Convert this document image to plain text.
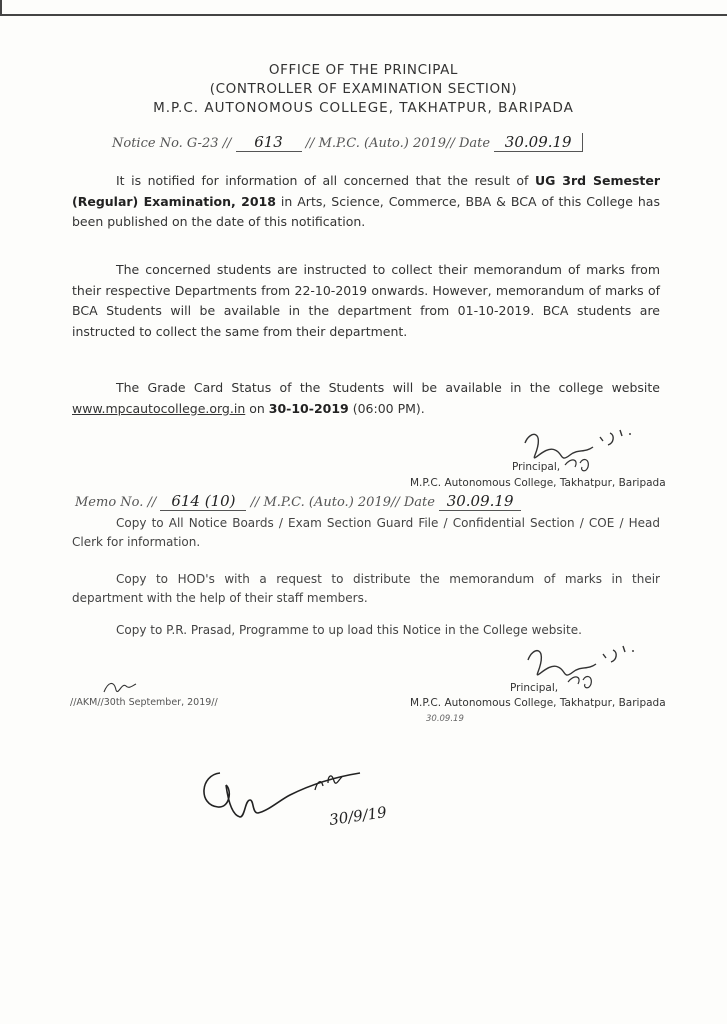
OFFICE OF THE PRINCIPAL
(CONTROLLER OF EXAMINATION SECTION)
M.P.C. AUTONOMOUS COLLEGE, TAKHATPUR, BARIPADA
Notice No. G-23 // 613 // M.P.C. (Auto.) 2019// Date 30.09.19
It is notified for information of all concerned that the result of UG 3rd Semester (Regular) Examination, 2018 in Arts, Science, Commerce, BBA & BCA of this College has been published on the date of this notification.
The concerned students are instructed to collect their memorandum of marks from their respective Departments from 22-10-2019 onwards. However, memorandum of marks of BCA Students will be available in the department from 01-10-2019. BCA students are instructed to collect the same from their department.
The Grade Card Status of the Students will be available in the college website www.mpcautocollege.org.in on 30-10-2019 (06:00 PM).
Principal,
M.P.C. Autonomous College, Takhatpur, Baripada
Memo No. // 614 (10) // M.P.C. (Auto.) 2019// Date 30.09.19
Copy to All Notice Boards / Exam Section Guard File / Confidential Section / COE / Head Clerk for information.
Copy to HOD's with a request to distribute the memorandum of marks in their department with the help of their staff members.
Copy to P.R. Prasad, Programme to up load this Notice in the College website.
Principal,
M.P.C. Autonomous College, Takhatpur, Baripada
//AKM//30th September, 2019//
30.09.19
30/9/19
